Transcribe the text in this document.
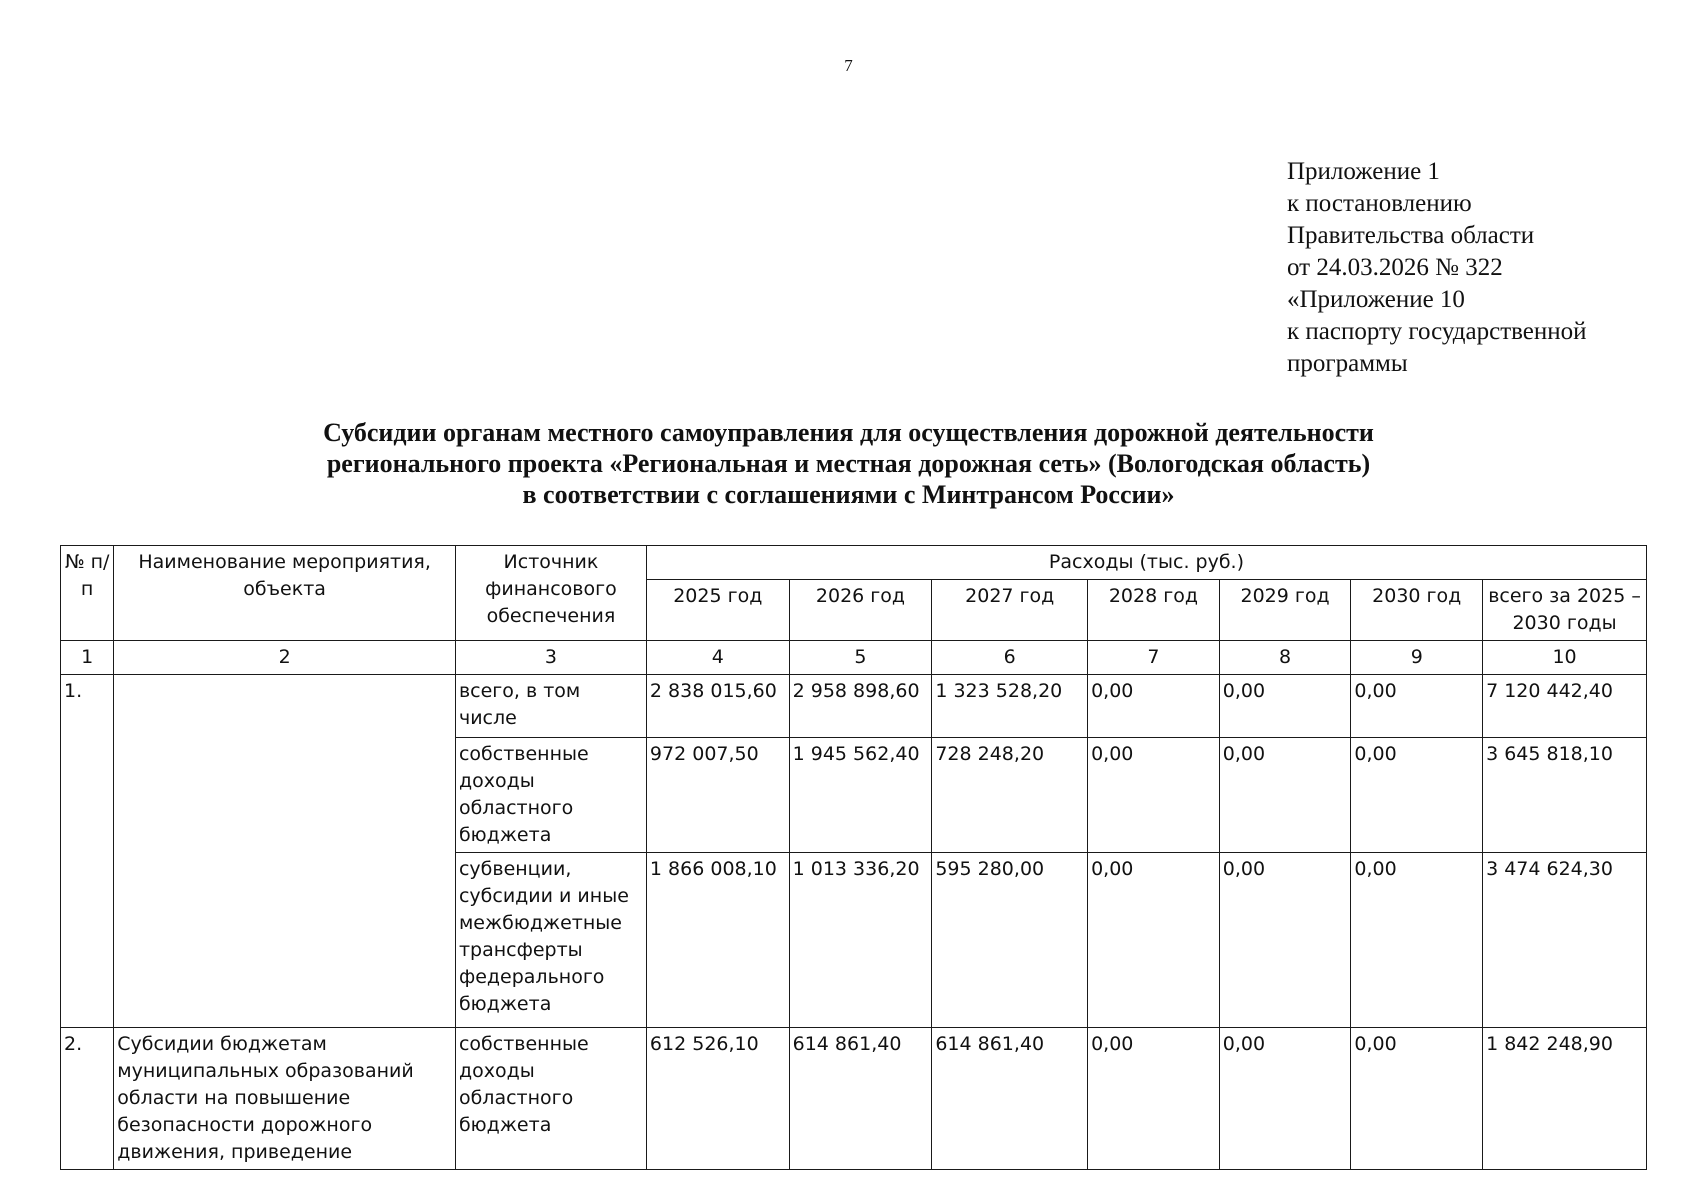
7
Приложение 1
к постановлению
Правительства области
от 24.03.2026 № 322
«Приложение 10
к паспорту государственной
программы
Субсидии органам местного самоуправления для осуществления дорожной деятельности
регионального проекта «Региональная и местная дорожная сеть» (Вологодская область)
в соответствии с соглашениями с Минтрансом России»
№ п/п	Наименование мероприятия, объекта	Источник финансового обеспечения	Расходы (тыс. руб.)						
			2025 год	2026 год	2027 год	2028 год	2029 год	2030 год	всего за 2025 – 2030 годы
1	2	3	4	5	6	7	8	9	10
1.		всего, в том числе	2 838 015,60	2 958 898,60	1 323 528,20	0,00	0,00	0,00	7 120 442,40
		собственные доходы областного бюджета	972 007,50	1 945 562,40	728 248,20	0,00	0,00	0,00	3 645 818,10
		субвенции, субсидии и иные межбюджетные трансферты федерального бюджета	1 866 008,10	1 013 336,20	595 280,00	0,00	0,00	0,00	3 474 624,30
2.	Субсидии бюджетам муниципальных образований области на повышение безопасности дорожного движения, приведение	собственные доходы областного бюджета	612 526,10	614 861,40	614 861,40	0,00	0,00	0,00	1 842 248,90
